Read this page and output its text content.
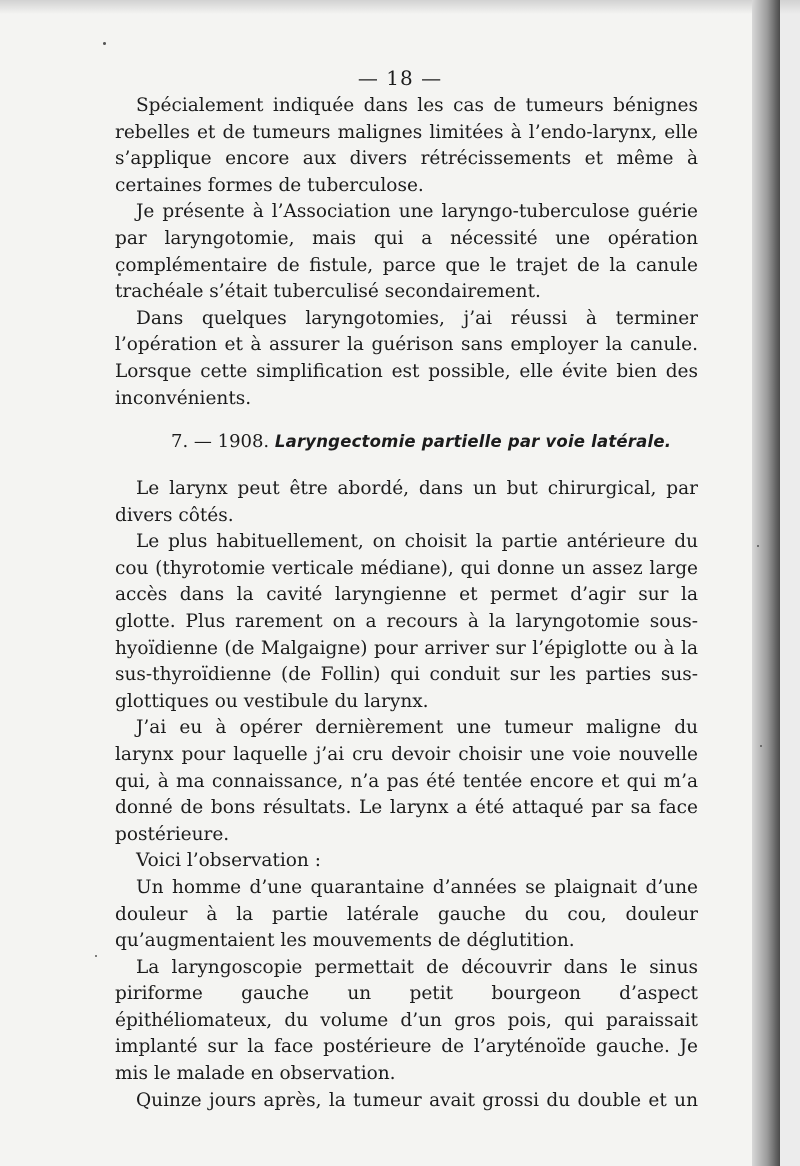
— 18 —

Spécialement indiquée dans les cas de tumeurs bénignes rebelles et de tumeurs malignes limitées à l’endo-larynx, elle s’applique encore aux divers rétrécissements et même à certaines formes de tuberculose.

Je présente à l’Association une laryngo-tuberculose guérie par laryngotomie, mais qui a nécessité une opération complémentaire de fistule, parce que le trajet de la canule trachéale s’était tuberculisé secondairement.

Dans quelques laryngotomies, j’ai réussi à terminer l’opération et à assurer la guérison sans employer la canule. Lorsque cette simplification est possible, elle évite bien des inconvénients.

7. — 1908. Laryngectomie partielle par voie latérale.

Le larynx peut être abordé, dans un but chirurgical, par divers côtés.

Le plus habituellement, on choisit la partie antérieure du cou (thyrotomie verticale médiane), qui donne un assez large accès dans la cavité laryngienne et permet d’agir sur la glotte. Plus rarement on a recours à la laryngotomie sous-hyoïdienne (de Malgaigne) pour arriver sur l’épiglotte ou à la sus-thyroïdienne (de Follin) qui conduit sur les parties sus-glottiques ou vestibule du larynx.

J’ai eu à opérer dernièrement une tumeur maligne du larynx pour laquelle j’ai cru devoir choisir une voie nouvelle qui, à ma connaissance, n’a pas été tentée encore et qui m’a donné de bons résultats. Le larynx a été attaqué par sa face postérieure.

Voici l’observation :

Un homme d’une quarantaine d’années se plaignait d’une douleur à la partie latérale gauche du cou, douleur qu’augmentaient les mouvements de déglutition.

La laryngoscopie permettait de découvrir dans le sinus piriforme gauche un petit bourgeon d’aspect épithéliomateux, du volume d’un gros pois, qui paraissait implanté sur la face postérieure de l’aryténoïde gauche. Je mis le malade en observation.

Quinze jours après, la tumeur avait grossi du double et un
